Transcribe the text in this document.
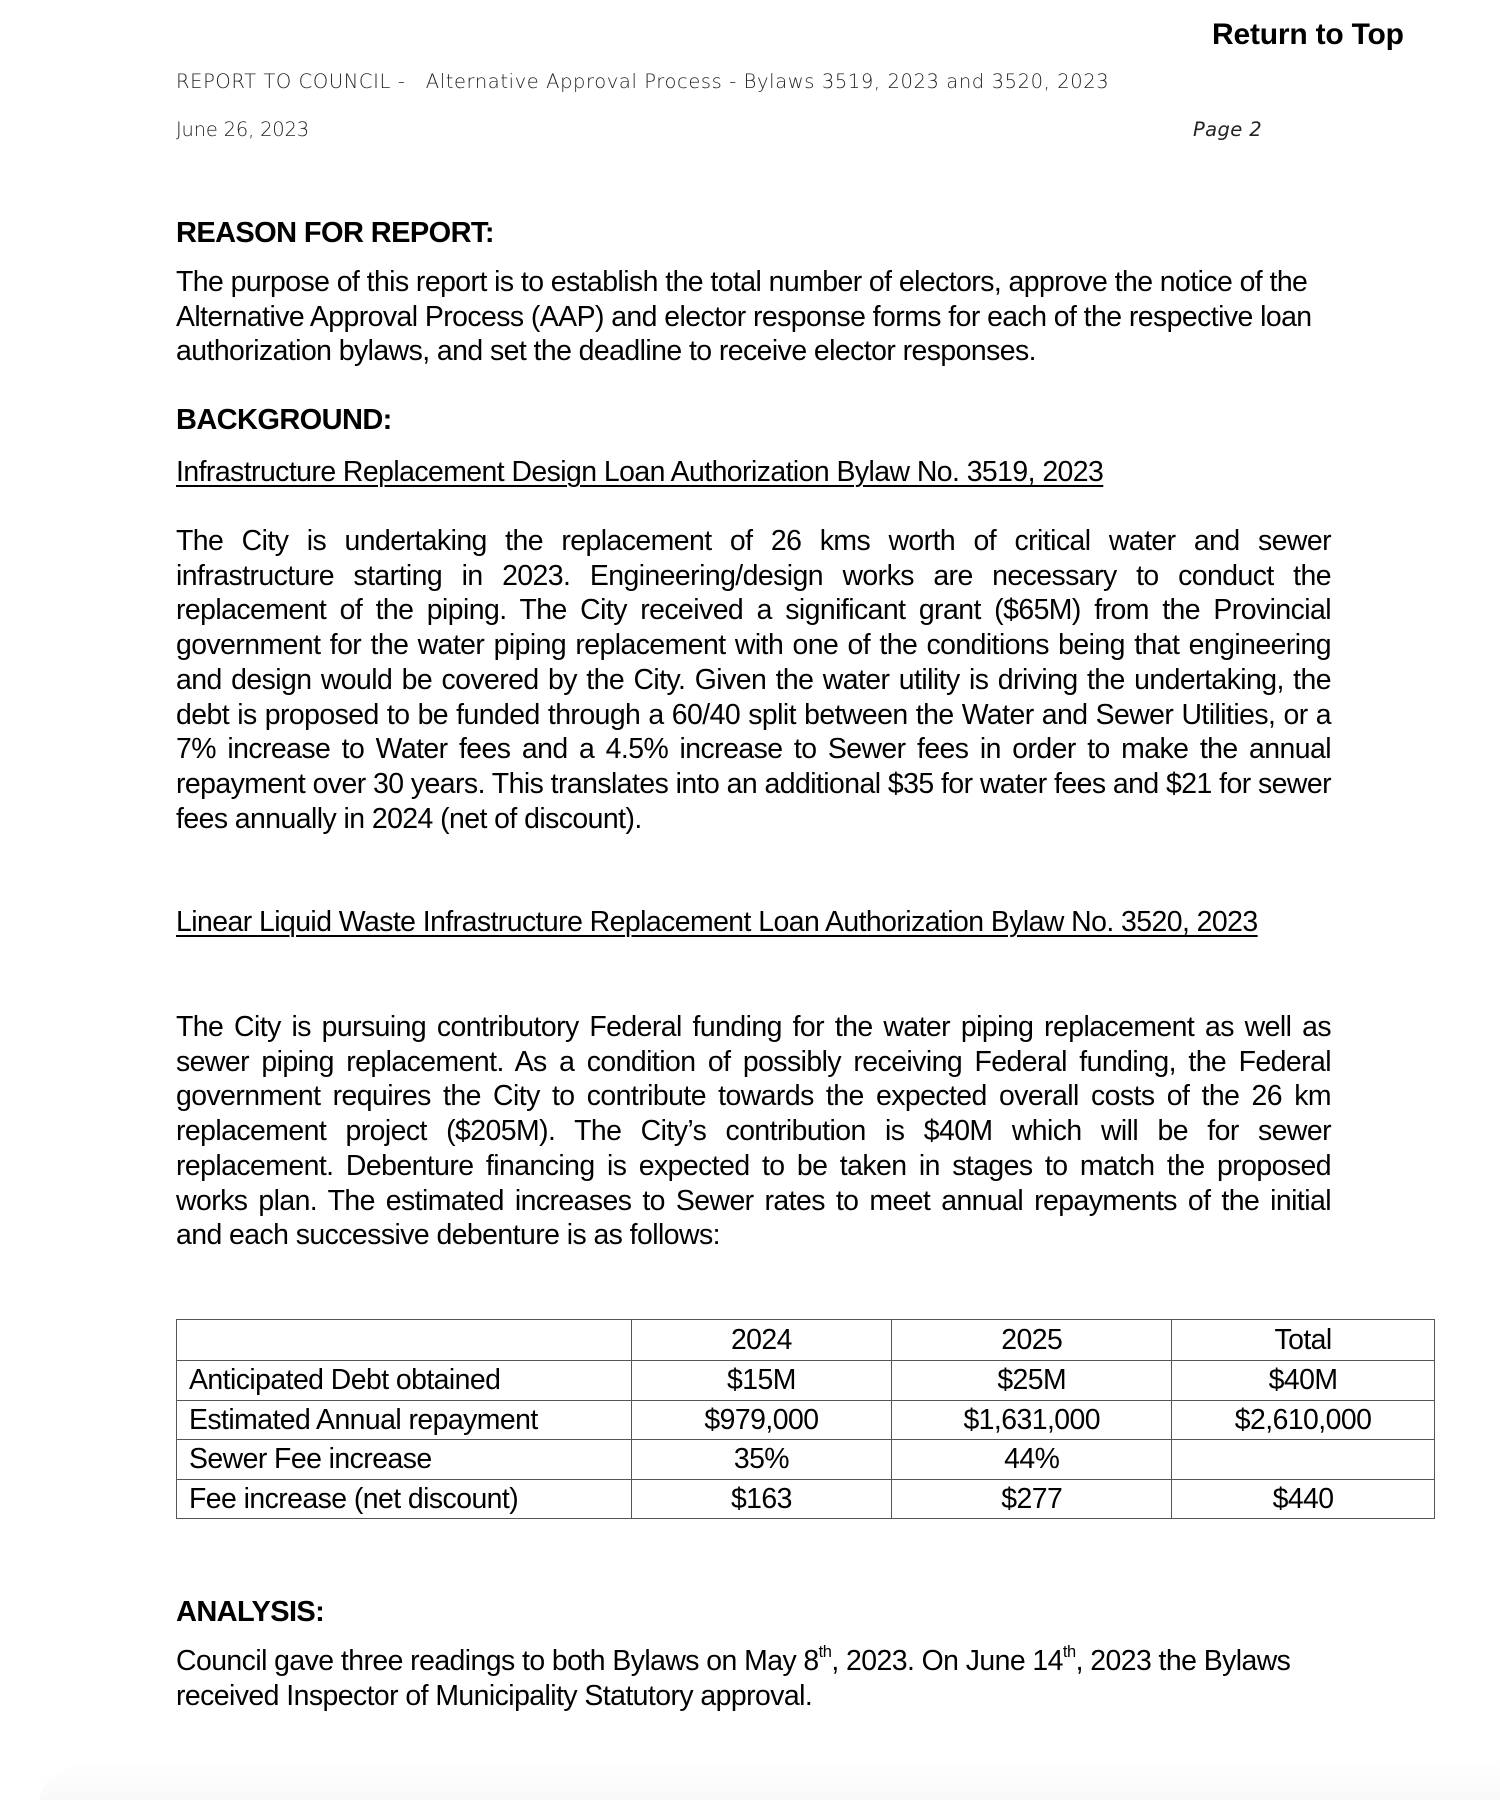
Return to Top
REPORT TO COUNCIL -   Alternative Approval Process - Bylaws 3519, 2023 and 3520, 2023
June 26, 2023	Page 2
REASON FOR REPORT:
The purpose of this report is to establish the total number of electors, approve the notice of the Alternative Approval Process (AAP) and elector response forms for each of the respective loan authorization bylaws, and set the deadline to receive elector responses.
BACKGROUND:
Infrastructure Replacement Design Loan Authorization Bylaw No. 3519, 2023
The City is undertaking the replacement of 26 kms worth of critical water and sewer infrastructure starting in 2023. Engineering/design works are necessary to conduct the replacement of the piping. The City received a significant grant ($65M) from the Provincial government for the water piping replacement with one of the conditions being that engineering and design would be covered by the City. Given the water utility is driving the undertaking, the debt is proposed to be funded through a 60/40 split between the Water and Sewer Utilities, or a 7% increase to Water fees and a 4.5% increase to Sewer fees in order to make the annual repayment over 30 years. This translates into an additional $35 for water fees and $21 for sewer fees annually in 2024 (net of discount).
Linear Liquid Waste Infrastructure Replacement Loan Authorization Bylaw No. 3520, 2023
The City is pursuing contributory Federal funding for the water piping replacement as well as sewer piping replacement. As a condition of possibly receiving Federal funding, the Federal government requires the City to contribute towards the expected overall costs of the 26 km replacement project ($205M). The City’s contribution is $40M which will be for sewer replacement. Debenture financing is expected to be taken in stages to match the proposed works plan. The estimated increases to Sewer rates to meet annual repayments of the initial and each successive debenture is as follows:
	2024	2025	Total
Anticipated Debt obtained	$15M	$25M	$40M
Estimated Annual repayment	$979,000	$1,631,000	$2,610,000
Sewer Fee increase	35%	44%	
Fee increase (net discount)	$163	$277	$440
ANALYSIS:
Council gave three readings to both Bylaws on May 8th, 2023. On June 14th, 2023 the Bylaws received Inspector of Municipality Statutory approval.
